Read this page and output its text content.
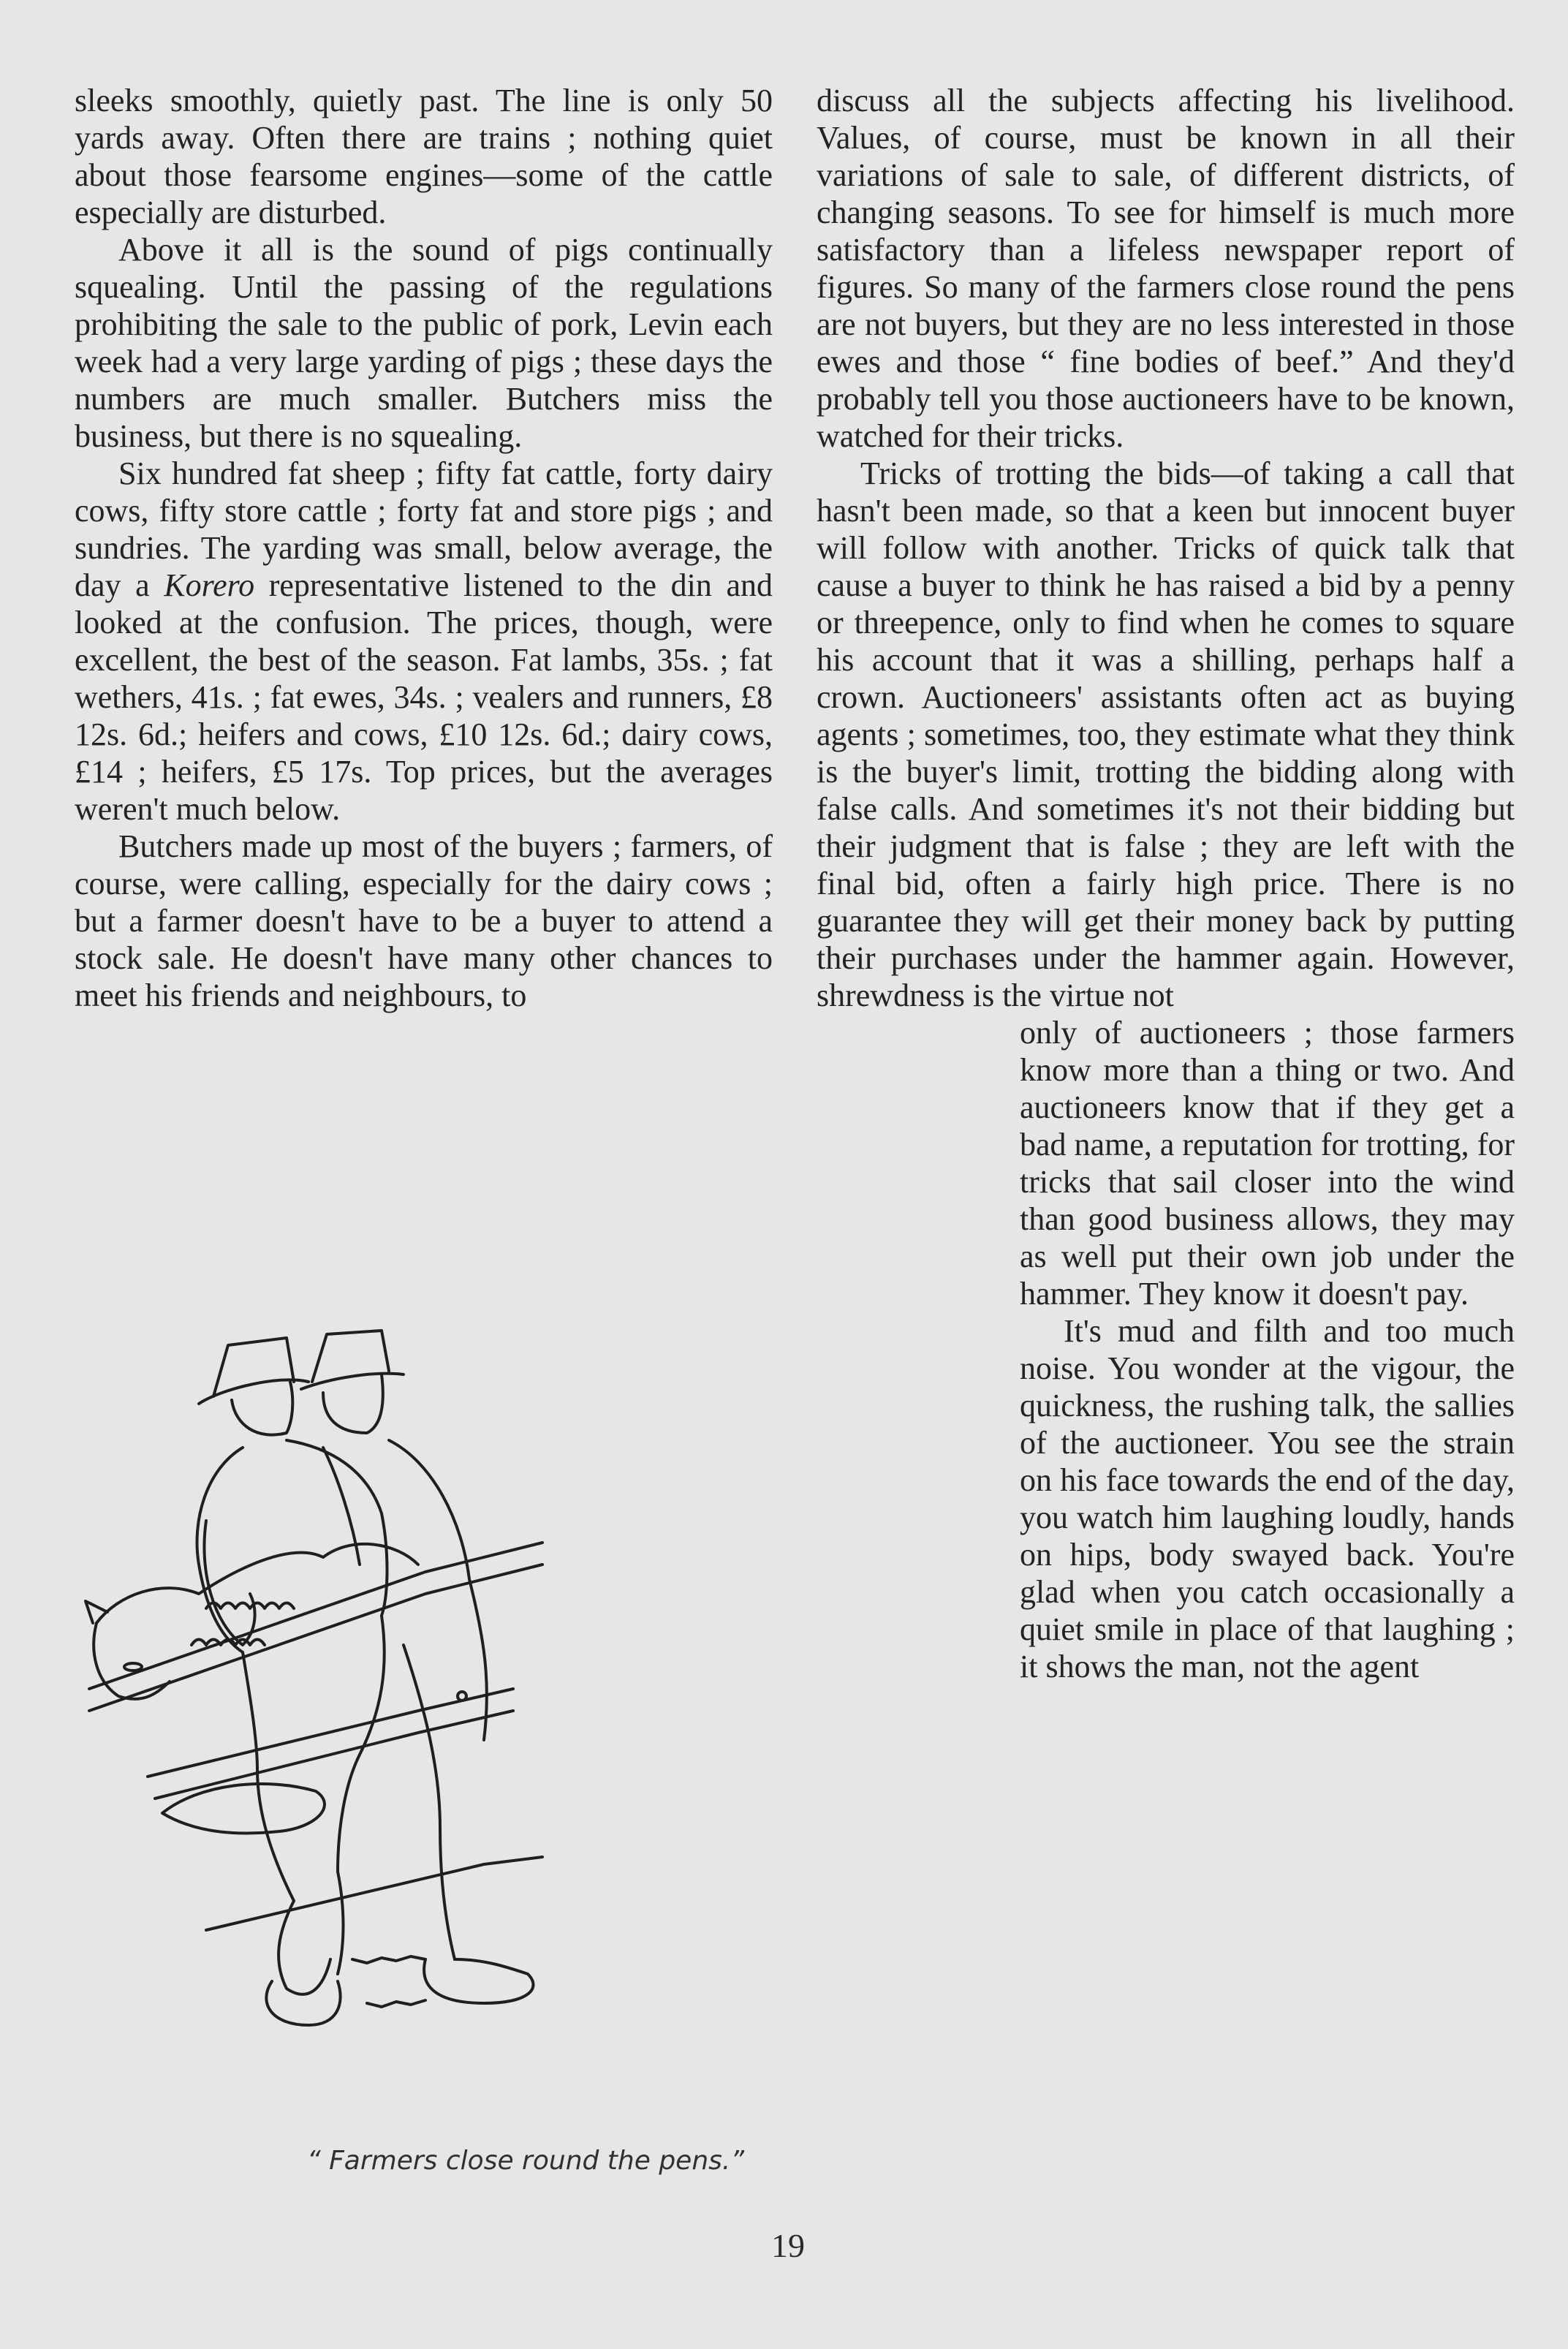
sleeks smoothly, quietly past. The line is only 50 yards away. Often there are trains ; nothing quiet about those fearsome engines—some of the cattle especially are disturbed.

Above it all is the sound of pigs continually squealing. Until the passing of the regulations prohibiting the sale to the public of pork, Levin each week had a very large yarding of pigs ; these days the numbers are much smaller. Butchers miss the business, but there is no squealing.

Six hundred fat sheep ; fifty fat cattle, forty dairy cows, fifty store cattle ; forty fat and store pigs ; and sundries. The yarding was small, below average, the day a Korero representative listened to the din and looked at the confusion. The prices, though, were excellent, the best of the season. Fat lambs, 35s. ; fat wethers, 41s. ; fat ewes, 34s. ; vealers and runners, £8 12s. 6d.; heifers and cows, £10 12s. 6d.; dairy cows, £14 ; heifers, £5 17s. Top prices, but the averages weren't much below.

Butchers made up most of the buyers ; farmers, of course, were calling, especially for the dairy cows ; but a farmer doesn't have to be a buyer to attend a stock sale. He doesn't have many other chances to meet his friends and neighbours, to

discuss all the subjects affecting his livelihood. Values, of course, must be known in all their variations of sale to sale, of different districts, of changing seasons. To see for himself is much more satisfactory than a lifeless newspaper report of figures. So many of the farmers close round the pens are not buyers, but they are no less interested in those ewes and those “ fine bodies of beef.” And they'd probably tell you those auctioneers have to be known, watched for their tricks.

Tricks of trotting the bids—of taking a call that hasn't been made, so that a keen but innocent buyer will follow with another. Tricks of quick talk that cause a buyer to think he has raised a bid by a penny or threepence, only to find when he comes to square his account that it was a shilling, perhaps half a crown. Auctioneers' assistants often act as buying agents ; sometimes, too, they estimate what they think is the buyer's limit, trotting the bidding along with false calls. And sometimes it's not their bidding but their judgment that is false ; they are left with the final bid, often a fairly high price. There is no guarantee they will get their money back by putting their purchases under the hammer again. However, shrewdness is the virtue not

only of auctioneers ; those farmers know more than a thing or two. And auctioneers know that if they get a bad name, a reputation for trotting, for tricks that sail closer into the wind than good business allows, they may as well put their own job under the hammer. They know it doesn't pay.

It's mud and filth and too much noise. You wonder at the vigour, the quickness, the rushing talk, the sallies of the auctioneer. You see the strain on his face towards the end of the day, you watch him laughing loudly, hands on hips, body swayed back. You're glad when you catch occasionally a quiet smile in place of that laughing ; it shows the man, not the agent

“ Farmers close round the pens.”
19
